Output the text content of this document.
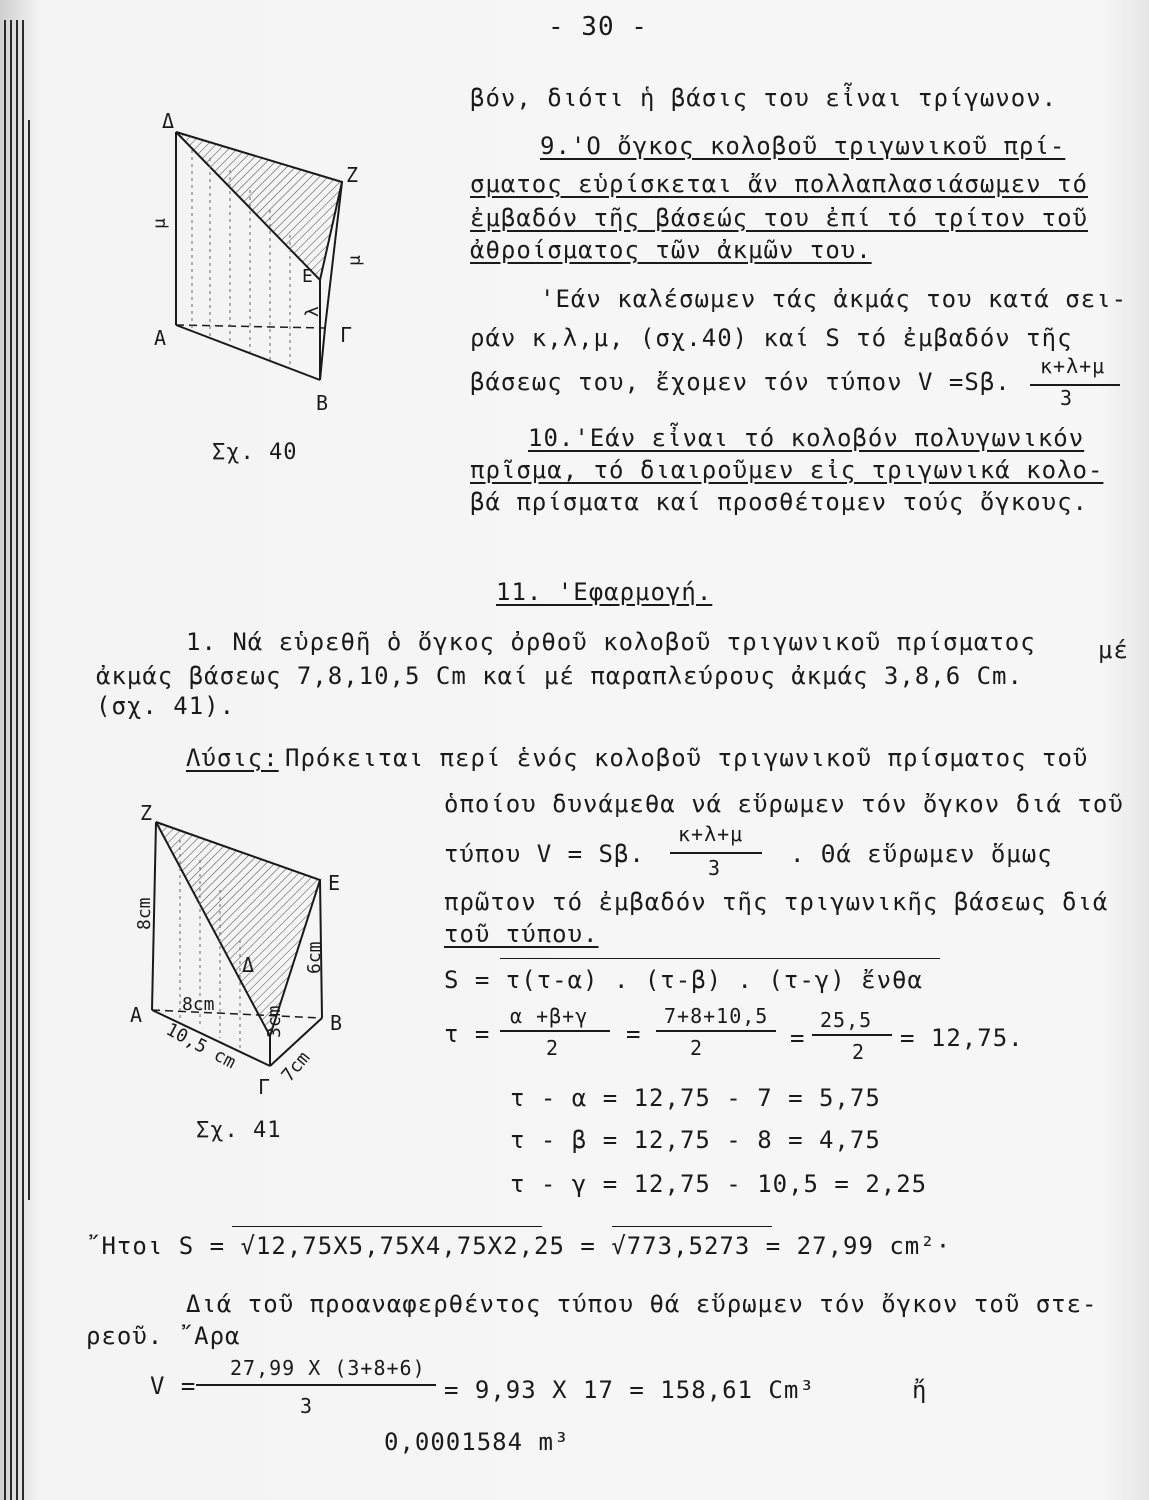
- 30 -
Δ
Ζ
Ε
Α	Γ
Β
μ
μ
λ
Σχ. 40
βόν, διότι ἡ βάσις του εἶναι τρίγωνον.
9.'Ο ὄγκος κολοβοῦ τριγωνικοῦ πρί-
σματος εὑρίσκεται ἄν πολλαπλασιάσωμεν τό
ἐμβαδόν τῆς βάσεώς του ἐπί τό τρίτον τοῦ
ἀθροίσματος τῶν ἀκμῶν του.
'Εάν καλέσωμεν τάς ἀκμάς του κατά σει-
ράν κ,λ,μ, (σχ.40) καί S τό ἐμβαδόν τῆς
βάσεως του, ἔχομεν τόν τύπον V =Sβ.
κ+λ+μ
3
10.'Εάν εἶναι τό κολοβόν πολυγωνικόν
πρῖσμα, τό διαιροῦμεν εἰς τριγωνικά κολο-
βά πρίσματα καί προσθέτομεν τούς ὄγκους.
11. 'Εφαρμογή.
1. Νά εὑρεθῆ ὁ ὄγκος ὀρθοῦ κολοβοῦ τριγωνικοῦ πρίσματος	μέ
ἀκμάς βάσεως 7,8,10,5 Cm καί μέ παραπλεύρους ἀκμάς 3,8,6 Cm.
(σχ. 41).
Λύσις: Πρόκειται περί ἑνός κολοβοῦ τριγωνικοῦ πρίσματος τοῦ
ὁποίου δυνάμεθα νά εὕρωμεν τόν ὄγκον διά τοῦ
τύπου V = Sβ.
κ+λ+μ
3	. Θά εὕρωμεν ὅμως
πρῶτον τό ἐμβαδόν τῆς τριγωνικῆς βάσεως διά
τοῦ τύπου.
S = τ(τ-α) . (τ-β) . (τ-γ) ἔνθα
τ =
α +β+γ
2	=
7+8+10,5
2	=
25,5
2 = 12,75.
τ - α = 12,75 - 7 = 5,75
τ - β = 12,75 - 8 = 4,75
τ - γ = 12,75 - 10,5 = 2,25
῎Ητοι S = √12,75Χ5,75Χ4,75Χ2,25 = √773,5273 = 27,99 cm²·
Διά τοῦ προαναφερθέντος τύπου θά εὕρωμεν τόν ὄγκον τοῦ στε-
ρεοῦ. ῎Αρα
V =
27,99 Χ (3+8+6)
3
= 9,93 Χ 17 = 158,61 Cm³	ἤ
0,0001584 m³
Ζ
Ε
Δ
Α	Β
Γ
8cm
6cm
3cm
8cm
10,5 cm 7cm
Σχ. 41
